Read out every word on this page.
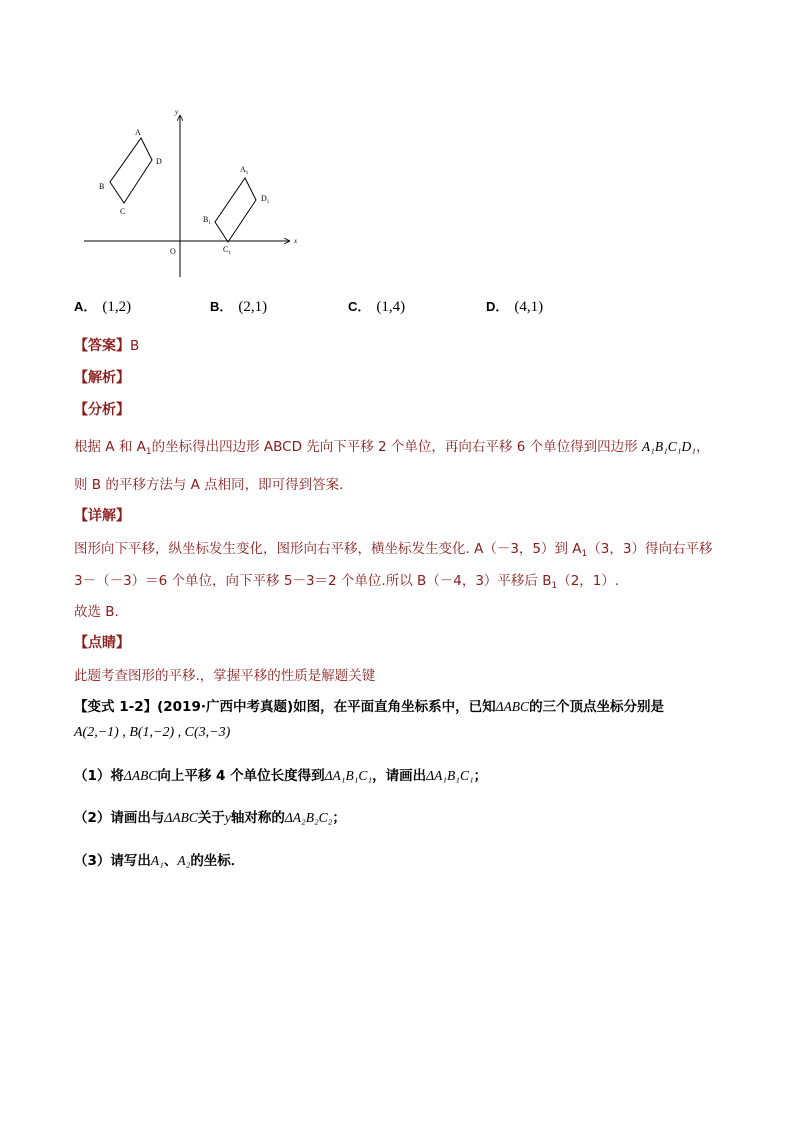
x
y
O
A
D
B
C
$A_1$
$D_1$
$B_1$
$C_1$
A． (1,2)	B． (2,1)	C． (1,4)	D． (4,1)
【答案】B
【解析】
【分析】
根据 A 和 $A_1$的坐标得出四边形 ABCD 先向下平移 2 个单位，再向右平移 6 个单位得到四边形 A₁B₁C₁D₁，
则 B 的平移方法与 A 点相同，即可得到答案．
【详解】
图形向下平移，纵坐标发生变化，图形向右平移，横坐标发生变化. A（－3，5）到 $A_1(3$，3）得向右平移
3－（－3）＝6 个单位，向下平移 5－3＝2 个单位.所以 B（－4，3）平移后 $B_1(2$，1）.
故选 B.
【点睛】
此题考查图形的平移.，掌握平移的性质是解题关键
【变式 1-2】(2019·广西中考真题)如图，在平面直角坐标系中，已知ΔABC的三个顶点坐标分别是
A(2,−1) , B(1,−2) , C(3,−3)
（1）将ΔABC向上平移 4 个单位长度得到ΔA₁B₁C₁，请画出ΔA₁B₁C₁；
（2）请画出与ΔABC关于y轴对称的ΔA₂B₂C₂；
（3）请写出A₁、A₂的坐标．
